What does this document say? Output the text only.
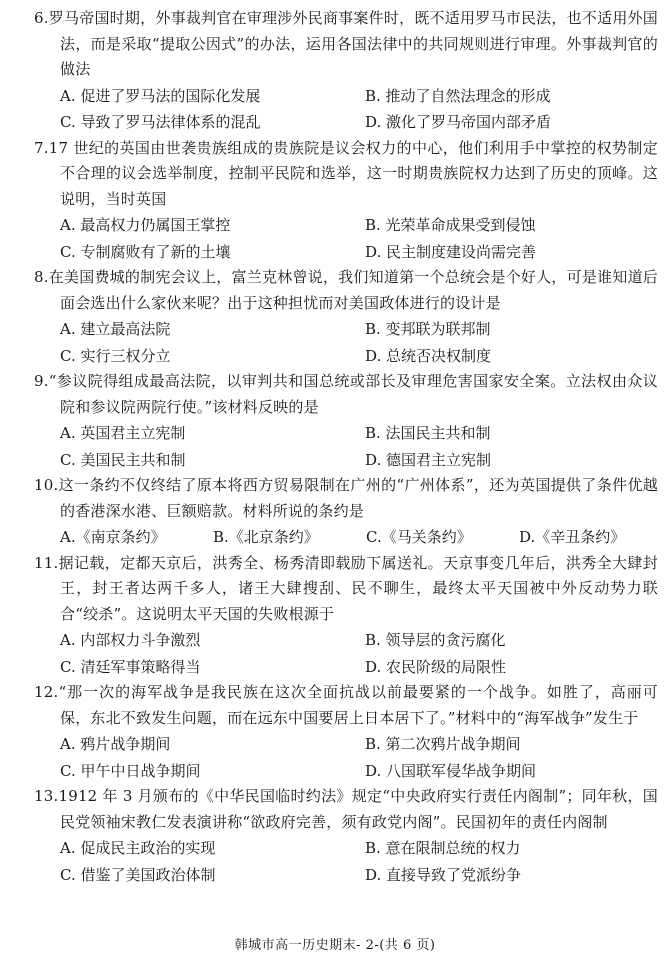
6.罗马帝国时期，外事裁判官在审理涉外民商事案件时，既不适用罗马市民法，也不适用外国法，而是采取“提取公因式”的办法，运用各国法律中的共同规则进行审理。外事裁判官的做法
A. 促进了罗马法的国际化发展	B. 推动了自然法理念的形成
C. 导致了罗马法律体系的混乱	D. 激化了罗马帝国内部矛盾
7.17 世纪的英国由世袭贵族组成的贵族院是议会权力的中心，他们利用手中掌控的权势制定不合理的议会选举制度，控制平民院和选举，这一时期贵族院权力达到了历史的顶峰。这说明，当时英国
A. 最高权力仍属国王掌控	B. 光荣革命成果受到侵蚀
C. 专制腐败有了新的土壤	D. 民主制度建设尚需完善
8.在美国费城的制宪会议上，富兰克林曾说，我们知道第一个总统会是个好人，可是谁知道后面会选出什么家伙来呢？出于这种担忧而对美国政体进行的设计是
A. 建立最高法院	B. 变邦联为联邦制
C. 实行三权分立	D. 总统否决权制度
9.“参议院得组成最高法院，以审判共和国总统或部长及审理危害国家安全案。立法权由众议院和参议院两院行使。”该材料反映的是
A. 英国君主立宪制	B. 法国民主共和制
C. 美国民主共和制	D. 德国君主立宪制
10.这一条约不仅终结了原本将西方贸易限制在广州的“广州体系”，还为英国提供了条件优越的香港深水港、巨额赔款。材料所说的条约是
A.《南京条约》	B.《北京条约》	C.《马关条约》	D.《辛丑条约》
11.据记载，定都天京后，洪秀全、杨秀清即载励下属送礼。天京事变几年后，洪秀全大肆封王，封王者达两千多人，诸王大肆搜刮、民不聊生，最终太平天国被中外反动势力联合“绞杀”。这说明太平天国的失败根源于
A. 内部权力斗争激烈	B. 领导层的贪污腐化
C. 清廷军事策略得当	D. 农民阶级的局限性
12.“那一次的海军战争是我民族在这次全面抗战以前最要紧的一个战争。如胜了，高丽可保，东北不致发生问题，而在远东中国要居上日本居下了。”材料中的“海军战争”发生于
A. 鸦片战争期间	B. 第二次鸦片战争期间
C. 甲午中日战争期间	D. 八国联军侵华战争期间
13.1912 年 3 月颁布的《中华民国临时约法》规定“中央政府实行责任内阁制”；同年秋，国民党领袖宋教仁发表演讲称“欲政府完善，须有政党内阁”。民国初年的责任内阁制
A. 促成民主政治的实现	B. 意在限制总统的权力
C. 借鉴了美国政治体制	D. 直接导致了党派纷争
韩城市高一历史期末- 2-(共 6 页)
